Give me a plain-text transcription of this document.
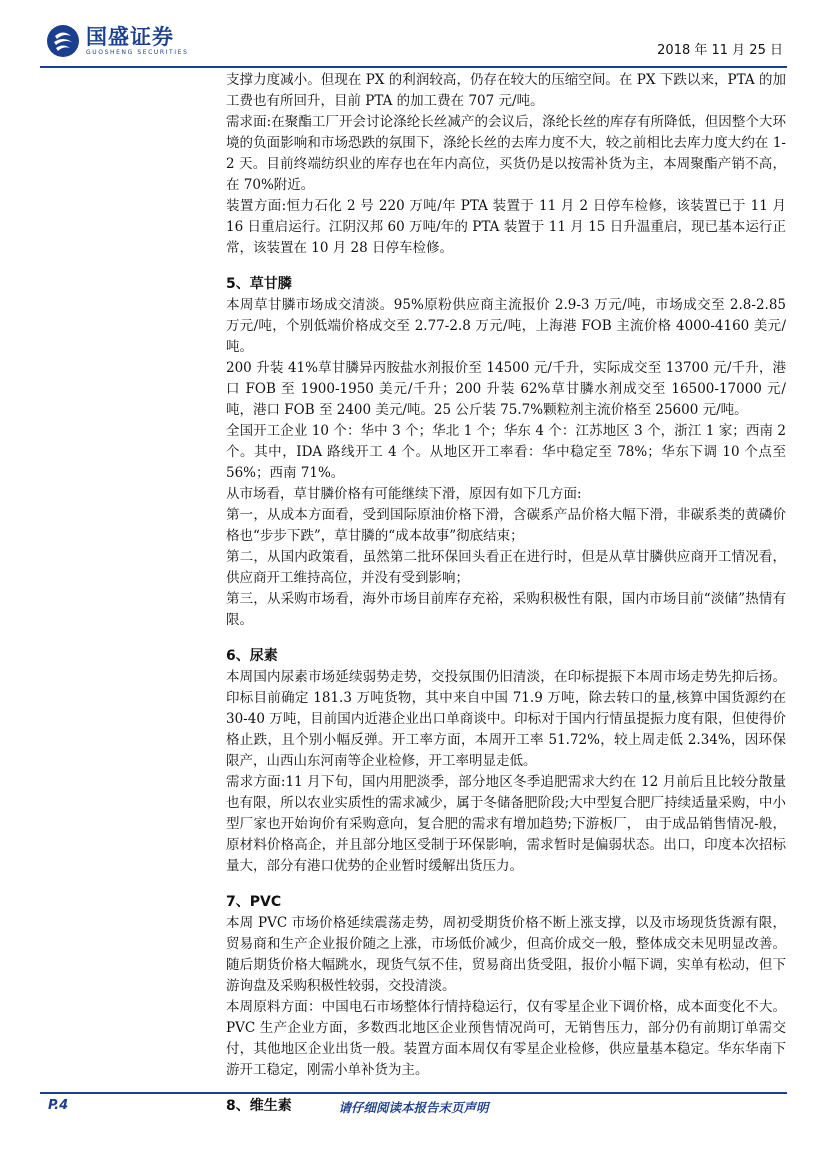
国盛证券
GUOSHENG SECURITIES	2018 年 11 月 25 日

支撑力度减小。但现在 PX 的利润较高，仍存在较大的压缩空间。在 PX 下跌以来，PTA 的加工费也有所回升，目前 PTA 的加工费在 707 元/吨。

需求面:在聚酯工厂开会讨论涤纶长丝减产的会议后，涤纶长丝的库存有所降低，但因整个大环境的负面影响和市场恐跌的氛围下，涤纶长丝的去库力度不大，较之前相比去库力度大约在 1-2 天。目前终端纺织业的库存也在年内高位，买货仍是以按需补货为主，本周聚酯产销不高，在 70%附近。

装置方面:恒力石化 2 号 220 万吨/年 PTA 装置于 11 月 2 日停车检修，该装置已于 11 月 16 日重启运行。江阴汉邦 60 万吨/年的 PTA 装置于 11 月 15 日升温重启，现已基本运行正常，该装置在 10 月 28 日停车检修。

5、草甘膦

本周草甘膦市场成交清淡。95%原粉供应商主流报价 2.9-3 万元/吨，市场成交至 2.8-2.85 万元/吨，个别低端价格成交至 2.77-2.8 万元/吨，上海港 FOB 主流价格 4000-4160 美元/吨。

200 升装 41%草甘膦异丙胺盐水剂报价至 14500 元/千升，实际成交至 13700 元/千升，港口 FOB 至 1900-1950 美元/千升；200 升装 62%草甘膦水剂成交至 16500-17000 元/吨，港口 FOB 至 2400 美元/吨。25 公斤装 75.7%颗粒剂主流价格至 25600 元/吨。

全国开工企业 10 个：华中 3 个；华北 1 个；华东 4 个：江苏地区 3 个，浙江 1 家；西南 2 个。其中，IDA 路线开工 4 个。从地区开工率看：华中稳定至 78%；华东下调 10 个点至 56%；西南 71%。

从市场看，草甘膦价格有可能继续下滑，原因有如下几方面:

第一，从成本方面看，受到国际原油价格下滑，含碳系产品价格大幅下滑，非碳系类的黄磷价格也“步步下跌”，草甘膦的“成本故事”彻底结束；

第二，从国内政策看，虽然第二批环保回头看正在进行时，但是从草甘膦供应商开工情况看，供应商开工维持高位，并没有受到影响；

第三，从采购市场看，海外市场目前库存充裕，采购积极性有限，国内市场目前“淡储”热情有限。

6、尿素

本周国内尿素市场延续弱势走势，交投氛围仍旧清淡，在印标提振下本周市场走势先抑后扬。印标目前确定 181.3 万吨货物，其中来自中国 71.9 万吨，除去转口的量,核算中国货源约在 30-40 万吨，目前国内近港企业出口单商谈中。印标对于国内行情虽提振力度有限，但使得价格止跌，且个别小幅反弹。开工率方面，本周开工率 51.72%，较上周走低 2.34%，因环保限产，山西山东河南等企业检修，开工率明显走低。

需求方面:11 月下旬，国内用肥淡季，部分地区冬季追肥需求大约在 12 月前后且比较分散量也有限，所以农业实质性的需求减少，属于冬储备肥阶段;大中型复合肥厂持续适量采购，中小型厂家也开始询价有采购意向，复合肥的需求有增加趋势;下游板厂， 由于成品销售情况-般，原材料价格高企，并且部分地区受制于环保影响，需求暂时是偏弱状态。出口，印度本次招标量大，部分有港口优势的企业暂时缓解出货压力。

7、PVC

本周 PVC 市场价格延续震荡走势，周初受期货价格不断上涨支撑，以及市场现货货源有限，贸易商和生产企业报价随之上涨，市场低价减少，但高价成交一般，整体成交未见明显改善。随后期货价格大幅跳水，现货气氛不佳，贸易商出货受阻，报价小幅下调，实单有松动，但下游询盘及采购积极性较弱，交投清淡。

本周原料方面：中国电石市场整体行情持稳运行，仅有零星企业下调价格，成本面变化不大。PVC 生产企业方面，多数西北地区企业预售情况尚可，无销售压力，部分仍有前期订单需交付，其他地区企业出货一般。装置方面本周仅有零星企业检修，供应量基本稳定。华东华南下游开工稳定，刚需小单补货为主。

8、维生素

P.4	请仔细阅读本报告末页声明
